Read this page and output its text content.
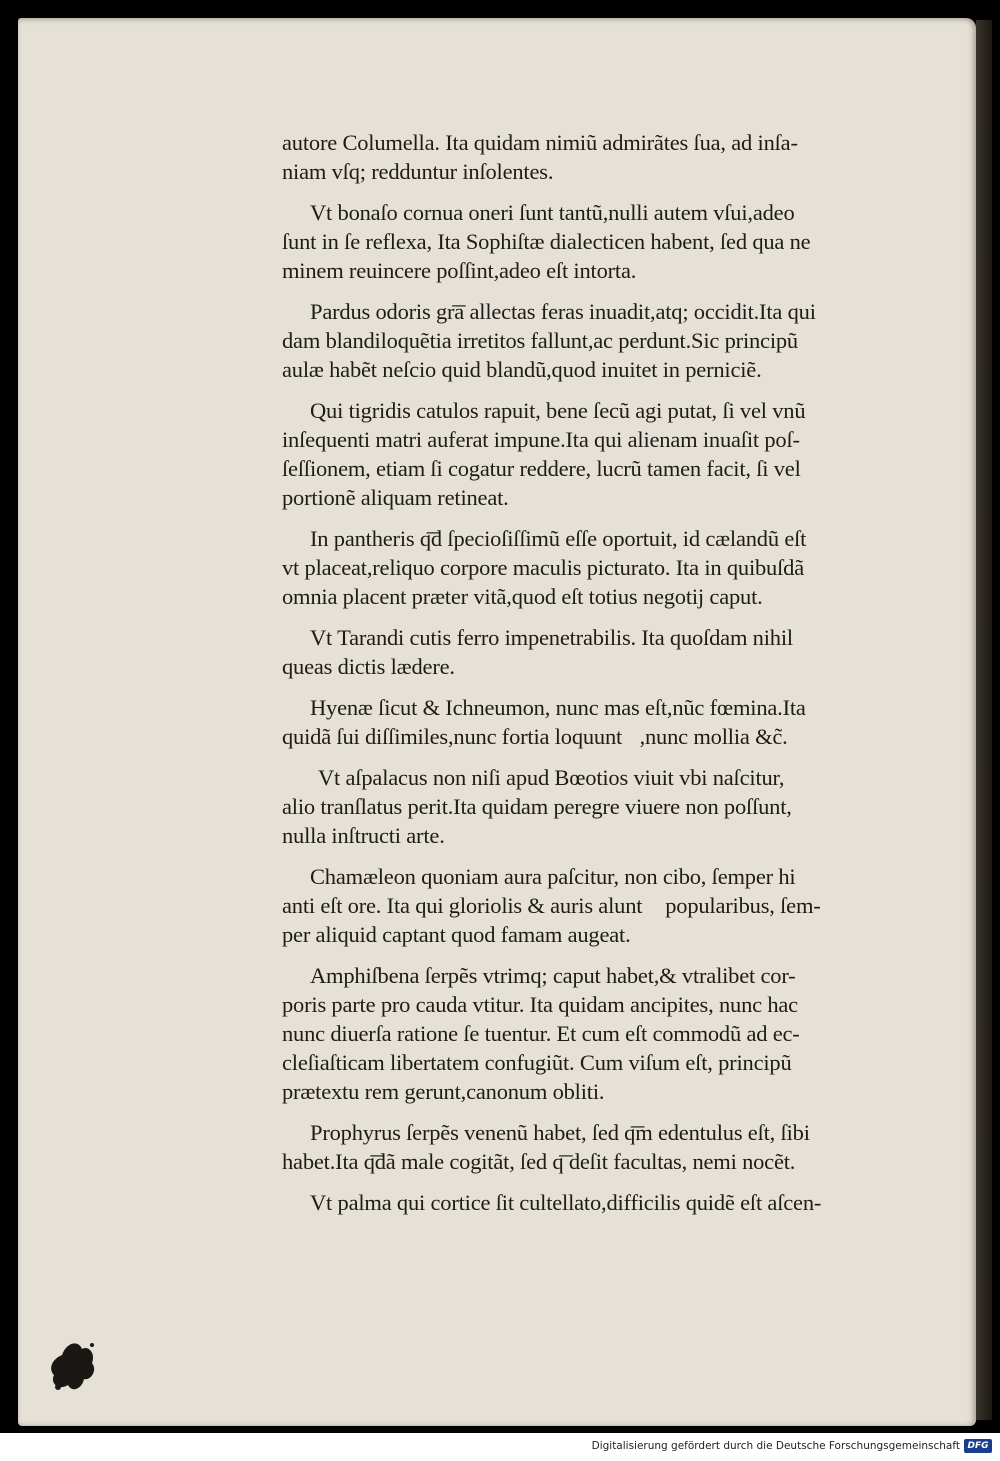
autore Columella. Ita quidam nimiũ admirãtes ſua, ad inſa-
niam vſq; redduntur inſolentes.
Vt bonaſo cornua oneri ſunt tantũ,nulli autem vſui,adeo
ſunt in ſe reflexa, Ita Sophiſtæ dialecticen habent, ſed qua ne
minem reuincere poſſint,adeo eſt intorta.
Pardus odoris gr͞a allectas feras inuadit,atq; occidit.Ita qui
dam blandiloquẽtia irretitos fallunt,ac perdunt.Sic principũ
aulæ habẽt neſcio quid blandũ,quod inuitet in perniciẽ.
Qui tigridis catulos rapuit, bene ſecũ agi putat, ſi vel vnũ
inſequenti matri auferat impune.Ita qui alienam inuaſit poſ-
ſeſſionem, etiam ſi cogatur reddere, lucrũ tamen facit, ſi vel
portionẽ aliquam retineat.
In pantheris q͞d ſpecioſiſſimũ eſſe oportuit, id cælandũ eſt
vt placeat,reliquo corpore maculis picturato. Ita in quibuſdã
omnia placent præter vitã,quod eſt totius negotij caput.
Vt Tarandi cutis ferro impenetrabilis. Ita quoſdam nihil
queas dictis lædere.
Hyenæ ſicut & Ichneumon, nunc mas eſt,nũc fœmina.Ita
quidã ſui diſſimiles,nunc fortia loquunt᷑,nunc mollia &c̃.
Vt aſpalacus non niſi apud Bœotios viuit vbi naſcitur,
alio tranſlatus perit.Ita quidam peregre viuere non poſſunt,
nulla inſtructi arte.
Chamæleon quoniam aura paſcitur, non cibo, ſemper hi
anti eſt ore. Ita qui gloriolis & auris alunt᷑ popularibus, ſem-
per aliquid captant quod famam augeat.
Amphiſbena ſerpẽs vtrimq; caput habet,& vtralibet cor-
poris parte pro cauda vtitur. Ita quidam ancipites, nunc hac
nunc diuerſa ratione ſe tuentur. Et cum eſt commodũ ad ec-
cleſiaſticam libertatem confugiũt. Cum viſum eſt, principũ
prætextu rem gerunt,canonum obliti.
Prophyrus ſerpẽs venenũ habet, ſed q͞m edentulus eſt, ſibi
habet.Ita q͞dã male cogitãt, ſed q͞ deſit facultas, nemi nocẽt.
Vt palma qui cortice ſit cultellato,difficilis quidẽ eſt aſcen-
Digitalisierung gefördert durch die Deutsche Forschungsgemeinschaft DFG
